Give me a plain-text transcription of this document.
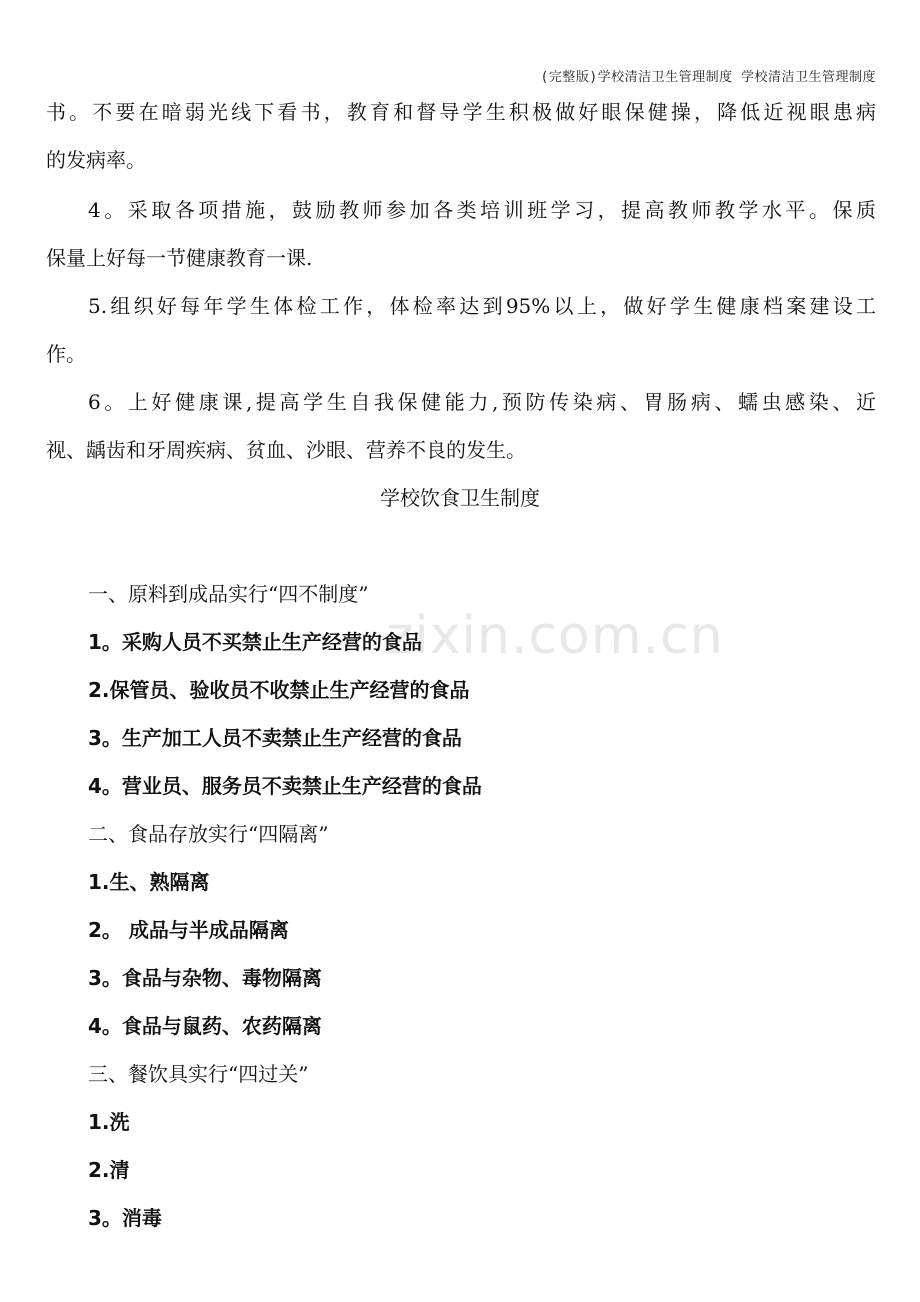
(完整版)学校清洁卫生管理制度 学校清洁卫生管理制度
zixin.com.cn
书。不要在暗弱光线下看书，教育和督导学生积极做好眼保健操，降低近视眼患病
的发病率。
4。采取各项措施，鼓励教师参加各类培训班学习，提高教师教学水平。保质
保量上好每一节健康教育一课.
5.组织好每年学生体检工作，体检率达到95%以上，做好学生健康档案建设工
作。
6。上好健康课,提高学生自我保健能力,预防传染病、胃肠病、蠕虫感染、近
视、龋齿和牙周疾病、贫血、沙眼、营养不良的发生。
学校饮食卫生制度
一、原料到成品实行“四不制度”
1。采购人员不买禁止生产经营的食品
2.保管员、验收员不收禁止生产经营的食品
3。生产加工人员不卖禁止生产经营的食品
4。营业员、服务员不卖禁止生产经营的食品
二、食品存放实行“四隔离”
1.生、熟隔离
2。 成品与半成品隔离
3。食品与杂物、毒物隔离
4。食品与鼠药、农药隔离
三、餐饮具实行“四过关”
1.洗
2.清
3。消毒
